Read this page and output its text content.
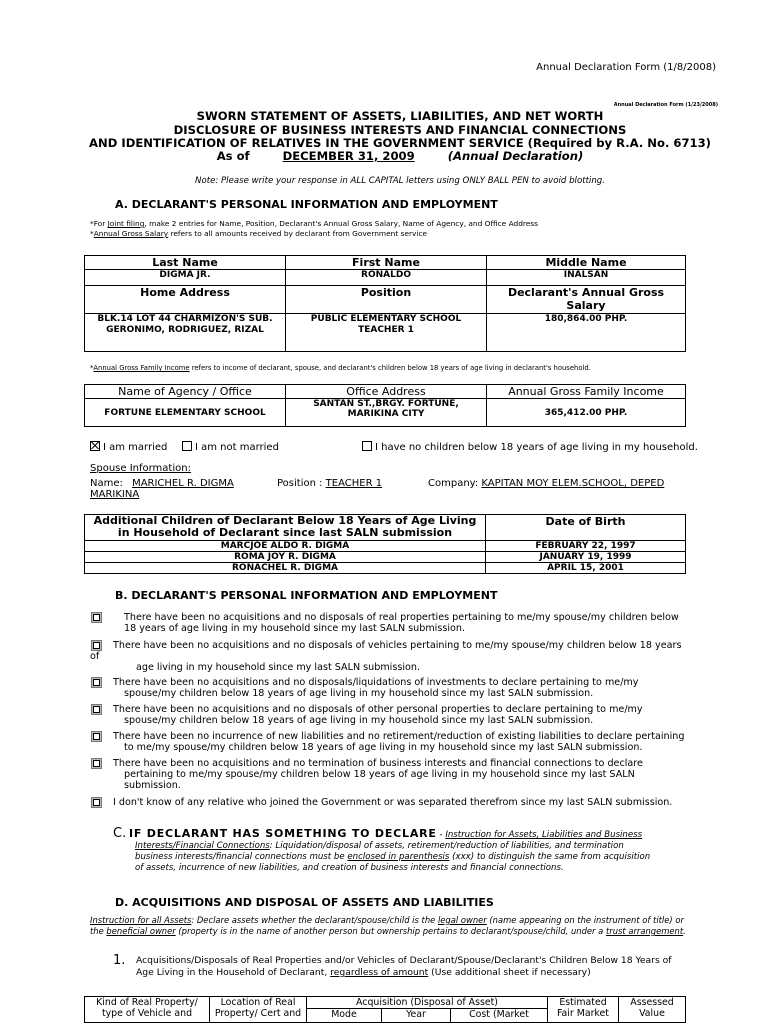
Annual Declaration Form (1/8/2008)
Annual Declaration Form (1/23/2008)
SWORN STATEMENT OF ASSETS, LIABILITIES, AND NET WORTH
DISCLOSURE OF BUSINESS INTERESTS AND FINANCIAL CONNECTIONS
AND IDENTIFICATION OF RELATIVES IN THE GOVERNMENT SERVICE (Required by R.A. No. 6713)
As of	DECEMBER 31, 2009	(Annual Declaration)
Note: Please write your response in ALL CAPITAL letters using ONLY BALL PEN to avoid blotting.
A. DECLARANT'S PERSONAL INFORMATION AND EMPLOYMENT
*For Joint filing, make 2 entries for Name, Position, Declarant's Annual Gross Salary, Name of Agency, and Office Address
*Annual Gross Salary refers to all amounts received by declarant from Government service
Last Name	First Name	Middle Name
DIGMA JR.	RONALDO	INALSAN
Home Address	Position	Declarant's Annual Gross Salary
BLK.14 LOT 44 CHARMIZON'S SUB. GERONIMO, RODRIGUEZ, RIZAL	PUBLIC ELEMENTARY SCHOOL TEACHER 1	180,864.00 PHP.
*Annual Gross Family Income refers to income of declarant, spouse, and declarant's children below 18 years of age living in declarant's household.
Name of Agency / Office	Office Address	Annual Gross Family Income
FORTUNE ELEMENTARY SCHOOL	SANTAN ST.,BRGY. FORTUNE, MARIKINA CITY	365,412.00 PHP.
I am married	I am not married	I have no children below 18 years of age living in my household.
Spouse Information:
Name: MARICHEL R. DIGMA	Position : TEACHER 1	Company: KAPITAN MOY ELEM.SCHOOL, DEPED
MARIKINA
Additional Children of Declarant Below 18 Years of Age Living in Household of Declarant since last SALN submission	Date of Birth
MARCJOE ALDO R. DIGMA	FEBRUARY 22, 1997
ROMA JOY R. DIGMA	JANUARY 19, 1999
RONACHEL R. DIGMA	APRIL 15, 2001
B. DECLARANT'S PERSONAL INFORMATION AND EMPLOYMENT
There have been no acquisitions and no disposals of real properties pertaining to me/my spouse/my children below
18 years of age living in my household since my last SALN submission.
There have been no acquisitions and no disposals of vehicles pertaining to me/my spouse/my children below 18 years
of
age living in my household since my last SALN submission.
There have been no acquisitions and no disposals/liquidations of investments to declare pertaining to me/my
spouse/my children below 18 years of age living in my household since my last SALN submission.
There have been no acquisitions and no disposals of other personal properties to declare pertaining to me/my
spouse/my children below 18 years of age living in my household since my last SALN submission.
There have been no incurrence of new liabilities and no retirement/reduction of existing liabilities to declare pertaining
to me/my spouse/my children below 18 years of age living in my household since my last SALN submission.
There have been no acquisitions and no termination of business interests and financial connections to declare
pertaining to me/my spouse/my children below 18 years of age living in my household since my last SALN
submission.
I don't know of any relative who joined the Government or was separated therefrom since my last SALN submission.
C. IF DECLARANT HAS SOMETHING TO DECLARE - Instruction for Assets, Liabilities and Business
Interests/Financial Connections: Liquidation/disposal of assets, retirement/reduction of liabilities, and termination
business interests/financial connections must be enclosed in parenthesis (xxx) to distinguish the same from acquisition
of assets, incurrence of new liabilities, and creation of business interests and financial connections.
D. ACQUISITIONS AND DISPOSAL OF ASSETS AND LIABILITIES
Instruction for all Assets: Declare assets whether the declarant/spouse/child is the legal owner (name appearing on the instrument of title) or
the beneficial owner (property is in the name of another person but ownership pertains to declarant/spouse/child, under a trust arrangement.
1. Acquisitions/Disposals of Real Properties and/or Vehicles of Declarant/Spouse/Declarant's Children Below 18 Years of
Age Living in the Household of Declarant, regardless of amount (Use additional sheet if necessary)
Kind of Real Property/ type of Vehicle and	Location of Real Property/ Cert and	Acquisition (Disposal of Asset)			Estimated Fair Market	Assessed Value
		Mode	Year	Cost (Market		
